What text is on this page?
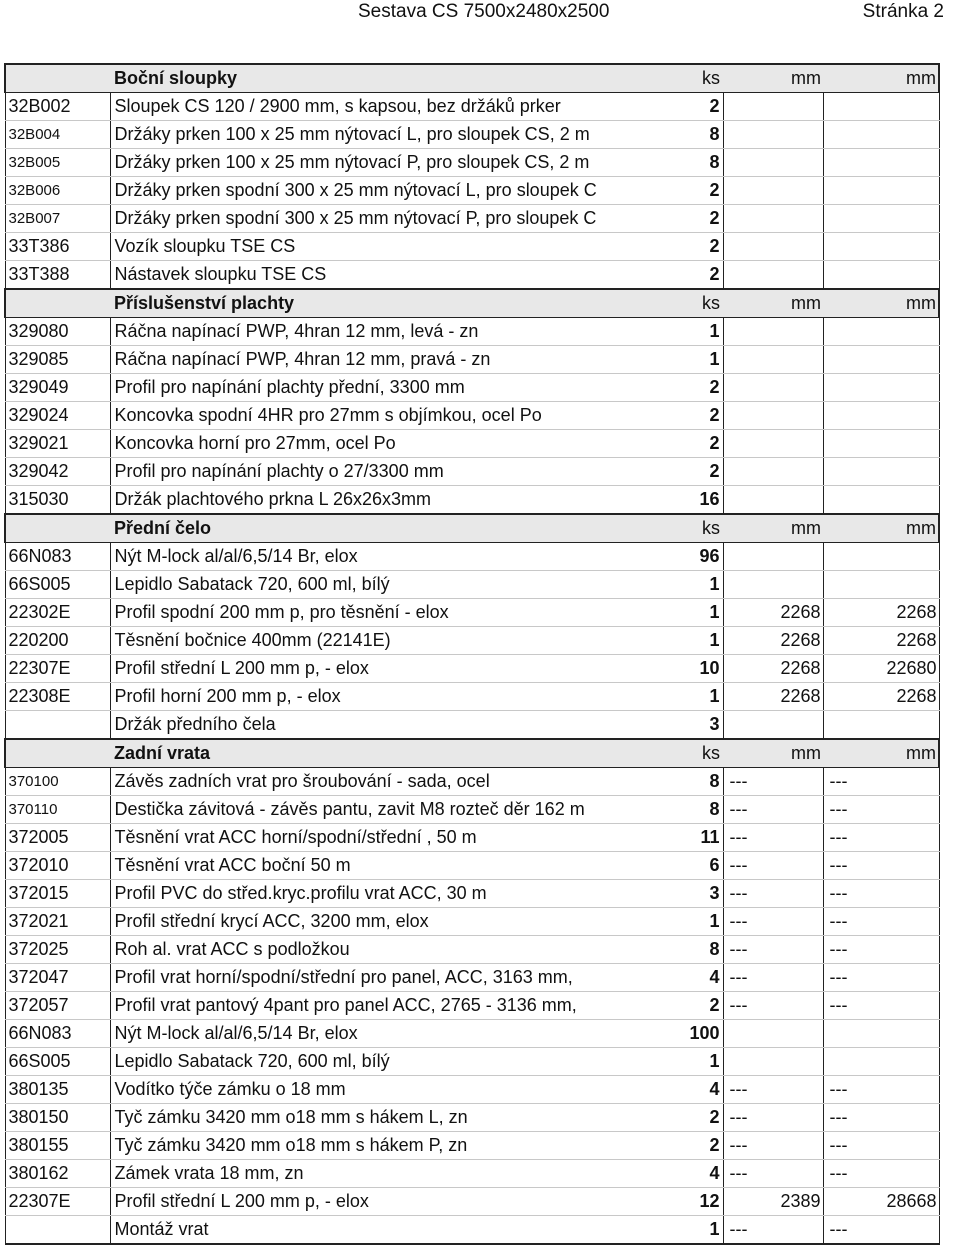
Sestava CS 7500x2480x2500	Stránka 2
	Boční sloupky	ks	mm	mm
32B002	Sloupek CS 120 / 2900 mm, s kapsou, bez držáků prker	2		
32B004	Držáky prken 100 x 25 mm nýtovací L, pro sloupek CS, 2 m	8		
32B005	Držáky prken 100 x 25 mm nýtovací P, pro sloupek CS, 2 m	8		
32B006	Držáky prken spodní 300 x 25 mm nýtovací L, pro sloupek C	2		
32B007	Držáky prken spodní 300 x 25 mm nýtovací P, pro sloupek C	2		
33T386	Vozík sloupku TSE CS	2		
33T388	Nástavek sloupku TSE CS	2		
	Příslušenství plachty	ks	mm	mm
329080	Ráčna napínací PWP, 4hran 12 mm, levá - zn	1		
329085	Ráčna napínací PWP, 4hran 12 mm, pravá - zn	1		
329049	Profil pro napínání plachty přední, 3300 mm	2		
329024	Koncovka spodní 4HR pro 27mm s objímkou, ocel Po	2		
329021	Koncovka horní pro 27mm, ocel Po	2		
329042	Profil pro napínání plachty o 27/3300 mm	2		
315030	Držák plachtového prkna L 26x26x3mm	16		
	Přední čelo	ks	mm	mm
66N083	Nýt M-lock al/al/6,5/14 Br, elox	96		
66S005	Lepidlo Sabatack 720, 600 ml, bílý	1		
22302E	Profil spodní 200 mm p, pro těsnění - elox	1	2268	2268
220200	Těsnění bočnice 400mm (22141E)	1	2268	2268
22307E	Profil střední L 200 mm p, - elox	10	2268	22680
22308E	Profil horní 200 mm p, - elox	1	2268	2268
	Držák předního čela	3		
	Zadní vrata	ks	mm	mm
370100	Závěs zadních vrat pro šroubování - sada, ocel	8	---	---
370110	Destička závitová - závěs pantu, zavit M8 rozteč děr 162 m	8	---	---
372005	Těsnění vrat ACC horní/spodní/střední , 50 m	11	---	---
372010	Těsnění vrat ACC boční 50 m	6	---	---
372015	Profil PVC do střed.kryc.profilu vrat ACC, 30 m	3	---	---
372021	Profil střední krycí ACC, 3200 mm, elox	1	---	---
372025	Roh al. vrat ACC s podložkou	8	---	---
372047	Profil vrat horní/spodní/střední pro panel, ACC, 3163 mm,	4	---	---
372057	Profil vrat pantový 4pant pro panel ACC, 2765 - 3136 mm,	2	---	---
66N083	Nýt M-lock al/al/6,5/14 Br, elox	100		
66S005	Lepidlo Sabatack 720, 600 ml, bílý	1		
380135	Vodítko týče zámku o 18 mm	4	---	---
380150	Tyč zámku 3420 mm o18 mm s hákem L, zn	2	---	---
380155	Tyč zámku 3420 mm o18 mm s hákem P, zn	2	---	---
380162	Zámek vrata 18 mm, zn	4	---	---
22307E	Profil střední L 200 mm p, - elox	12	2389	28668
	Montáž vrat	1	---	---
